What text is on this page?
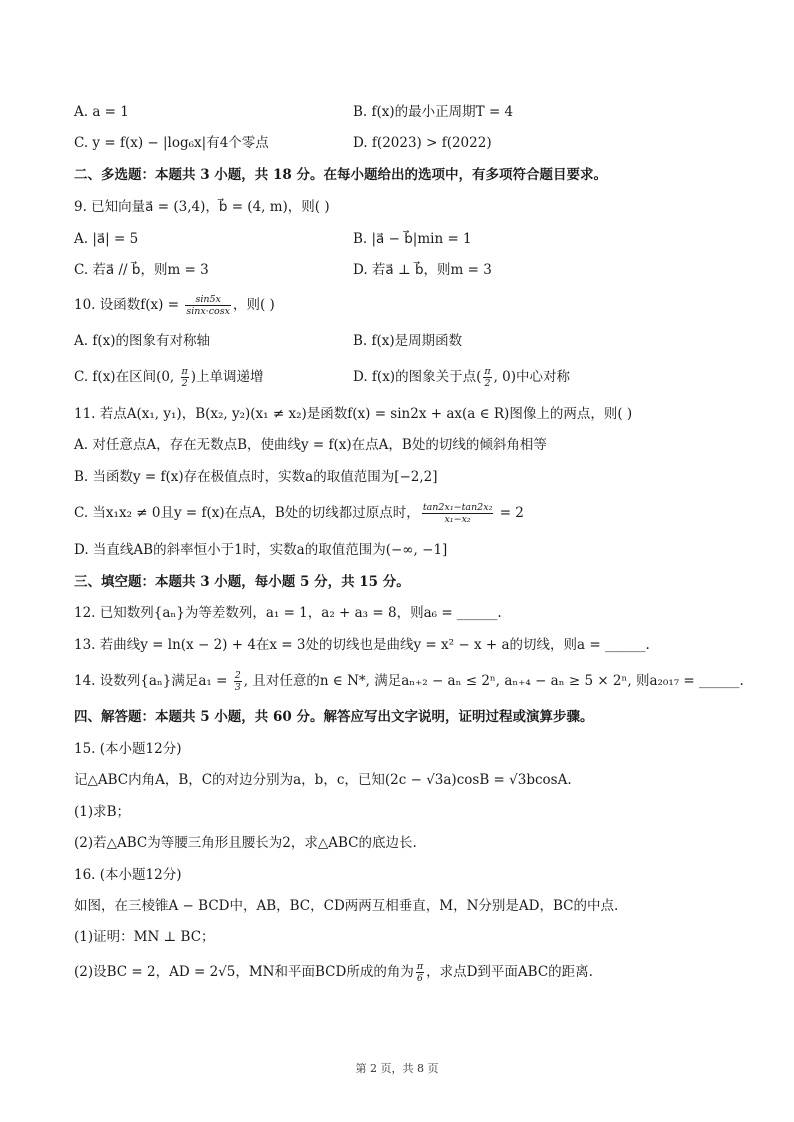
A. a = 1	B. f(x)的最小正周期T = 4
C. y = f(x) − |log₆x|有4个零点	D. f(2023) > f(2022)
二、多选题：本题共 3 小题，共 18 分。在每小题给出的选项中，有多项符合题目要求。
9. 已知向量a⃗ = (3,4)，b⃗ = (4, m)，则( )
A. |a⃗| = 5	B. |a⃗ − b⃗|min = 1
C. 若a⃗ // b⃗，则m = 3	D. 若a⃗ ⊥ b⃗，则m = 3
10. 设函数$f(x) = \frac{\sin 5x}{\sin x\cdot\cos x}$ ，则( )
A. f(x)的图象有对称轴	B. f(x)是周期函数
C. f(x)在区间(0, $\frac{\pi}{2}$ )上单调递增	D. f(x)的图象关于点( $\frac{\pi}{2}$ , 0)中心对称
11. 若点A(x₁, y₁)，B(x₂, y₂)(x₁ ≠ x₂)是函数f(x) = sin2x + ax(a ∈ R)图像上的两点，则( )
A. 对任意点A，存在无数点B，使曲线y = f(x)在点A，B处的切线的倾斜角相等
B. 当函数y = f(x)存在极值点时，实数a的取值范围为[−2,2]
C. 当x₁x₂ ≠ 0且y = f(x)在点A，B处的切线都过原点时， $\frac{\text{tan2x₁−tan2x₂}}{\text{x₁−x₂}} = 2$
D. 当直线AB的斜率恒小于1时，实数a的取值范围为(−∞, −1]
三、填空题：本题共 3 小题，每小题 5 分，共 15 分。
12. 已知数列{aₙ}为等差数列，a₁ = 1，a₂ + a₃ = 8，则a₆ = ______.
13. 若曲线y = ln(x − 2) + 4在x = 3处的切线也是曲线y = x² − x + a的切线，则a = ______.
14. 设数列{aₙ}满足$a_1 = \frac{2}{3}$ , 且对任意的n ∈ N*, 满足aₙ₊₂ − aₙ ≤ 2ⁿ, aₙ₊₄ − aₙ ≥ 5 × 2ⁿ, 则a₂₀₁₇ = ______.
四、解答题：本题共 5 小题，共 60 分。解答应写出文字说明，证明过程或演算步骤。
15. (本小题12分)
记△ABC内角A，B，C的对边分别为a，b，c，已知(2c − √3a)cosB = √3bcosA.
(1)求B；
(2)若△ABC为等腰三角形且腰长为2，求△ABC的底边长.
16. (本小题12分)
如图，在三棱锥A − BCD中，AB，BC，CD两两互相垂直，M，N分别是AD，BC的中点.
(1)证明：MN ⊥ BC；
(2)设BC = 2，AD = 2√5，MN和平面BCD所成的角为 $\frac{\pi}{6}$ ，求点D到平面ABC的距离.
第 2 页，共 8 页
